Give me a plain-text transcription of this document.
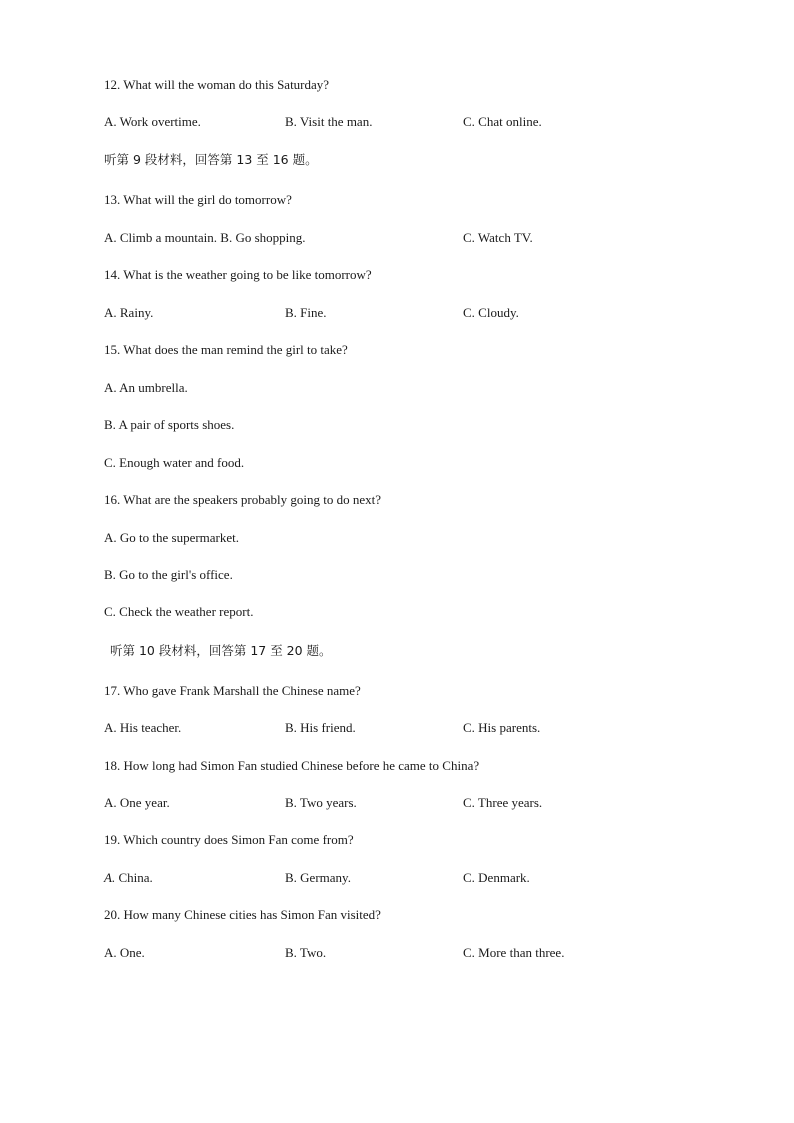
12. What will the woman do this Saturday?
A. Work overtime.	B. Visit the man.	C. Chat online.
听第 9 段材料，回答第 13 至 16 题。
13. What will the girl do tomorrow?
A. Climb a mountain. B. Go shopping.	C. Watch TV.
14. What is the weather going to be like tomorrow?
A. Rainy.	B. Fine.	C. Cloudy.
15. What does the man remind the girl to take?
A. An umbrella.
B. A pair of sports shoes.
C. Enough water and food.
16. What are the speakers probably going to do next?
A. Go to the supermarket.
B. Go to the girl's office.
C. Check the weather report.
听第 10 段材料，回答第 17 至 20 题。
17. Who gave Frank Marshall the Chinese name?
A. His teacher.	B. His friend.	C. His parents.
18. How long had Simon Fan studied Chinese before he came to China?
A. One year.	B. Two years.	C. Three years.
19. Which country does Simon Fan come from?
A. China.	B. Germany.	C. Denmark.
20. How many Chinese cities has Simon Fan visited?
A. One.	B. Two.	C. More than three.
